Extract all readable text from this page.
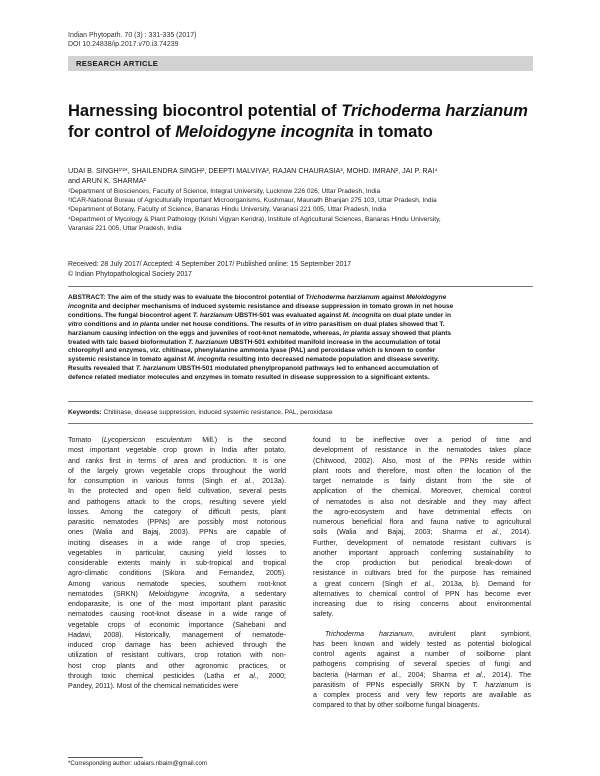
Indian Phytopath. 70 (3) : 331-335 (2017)
DOI 10.24838/ip.2017.v70.i3.74239
RESEARCH ARTICLE
Harnessing biocontrol potential of Trichoderma harzianum
for control of Meloidogyne incognita in tomato
UDAI B. SINGH¹'²*, SHAILENDRA SINGH², DEEPTI MALVIYA², RAJAN CHAURASIA³, MOHD. IMRAN², JAI P. RAI⁴
and ARUN K. SHARMA²
¹Department of Biosciences, Faculty of Science, Integral University, Lucknow 226 026, Uttar Pradesh, India
²ICAR-National Bureau of Agriculturally Important Microorganisms, Kushmaur, Maunath Bhanjan 275 103, Uttar Pradesh, India
³Department of Botany, Faculty of Science, Banaras Hindu University, Varanasi 221 005, Uttar Pradesh, India
⁴Department of Mycology & Plant Pathology (Krishi Vigyan Kendra), Institute of Agricultural Sciences, Banaras Hindu University,
Varanasi 221 005, Uttar Pradesh, India
Received: 28 July 2017/ Accepted: 4 September 2017/ Published online: 15 September 2017
© Indian Phytopathological Society 2017
ABSTRACT: The aim of the study was to evaluate the biocontrol potential of Trichoderma harzianum against Meloidogyne
incognita and decipher mechanisms of induced systemic resistance and disease suppression in tomato grown in net house
conditions. The fungal biocontrol agent T. harzianum UBSTH-501 was evaluated against M. incognita on dual plate under in
vitro conditions and in planta under net house conditions. The results of in vitro parasitism on dual plates showed that T.
harzianum causing infection on the eggs and juveniles of root-knot nematode, whereas, in planta assay showed that plants
treated with talc based bioformulation T. harzianum UBSTH-501 exhibited manifold increase in the accumulation of total
chlorophyll and enzymes, viz. chitinase, phenylalanine ammonia lyase (PAL) and peroxidase which is known to confer
systemic resistance in tomato against M. incognita resulting into decreased nematode population and disease severity.
Results revealed that T. harzianum UBSTH-501 modulated phenylpropanoid pathways led to enhanced accumulation of
defence related mediator molecules and enzymes in tomato resulted in disease suppression to a significant extents.
Keywords: Chitinase, disease suppression, induced systemic resistance, PAL, peroxidase
Tomato (Lycopersicon esculentum Mill.) is the second
most important vegetable crop grown in India after potato,
and ranks first in terms of area and production. It is one
of the largely grown vegetable crops throughout the world
for consumption in various forms (Singh et al., 2013a).
In the protected and open field cultivation, several pests
and pathogens attack to the crops, resulting severe yield
losses. Among the category of difficult pests, plant
parasitic nematodes (PPNs) are possibly most notorious
ones (Walia and Bajaj, 2003). PPNs are capable of
inciting diseases in a wide range of crop species,
vegetables in particular, causing yield losses to
considerable extents mainly in sub-tropical and tropical
agro-climatic conditions (Sikora and Fernandez, 2005).
Among various nematode species, southern root-knot
nematodes (SRKN) Meloidogyne incognita, a sedentary
endoparasite, is one of the most important plant parasitic
nematodes causing root-knot disease in a wide range of
vegetable crops of economic importance (Sahebani and
Hadavi, 2008). Historically, management of nematode-
induced crop damage has been achieved through the
utilization of resistant cultivars, crop rotation with non-
host crop plants and other agronomic practices, or
through toxic chemical pesticides (Latha et al., 2000;
Pandey, 2011). Most of the chemical nematicides were
found to be ineffective over a period of time and
development of resistance in the nematodes takes place
(Chitwood, 2002). Also, most of the PPNs reside within
plant roots and therefore, most often the location of the
target nematode is fairly distant from the site of
application of the chemical. Moreover, chemical control
of nematodes is also not desirable and they may affect
the agro-ecosystem and have detrimental effects on
numerous beneficial flora and fauna native to agricultural
soils (Walia and Bajaj, 2003; Sharma et al., 2014).
Further, development of nematode resistant cultivars is
another important approach conferring sustainability to
the crop production but periodical break-down of
resistance in cultivars bred for the purpose has remained
a great concern (Singh et al., 2013a, b). Demand for
alternatives to chemical control of PPN has become ever
increasing due to rising concerns about environmental
safety.
Trichoderma harzianum, avirulent plant symbiont,
has been known and widely tested as potential biological
control agents against a number of soilborne plant
pathogens comprising of several species of fungi and
bacteria (Harman et al., 2004; Sharma et al., 2014). The
parasitism of PPNs especially SRKN by T. harzianum is
a complex process and very few reports are available as
compared to that by other soilborne fungal bioagents.
*Corresponding author: udaiars.nbaim@gmail.com
